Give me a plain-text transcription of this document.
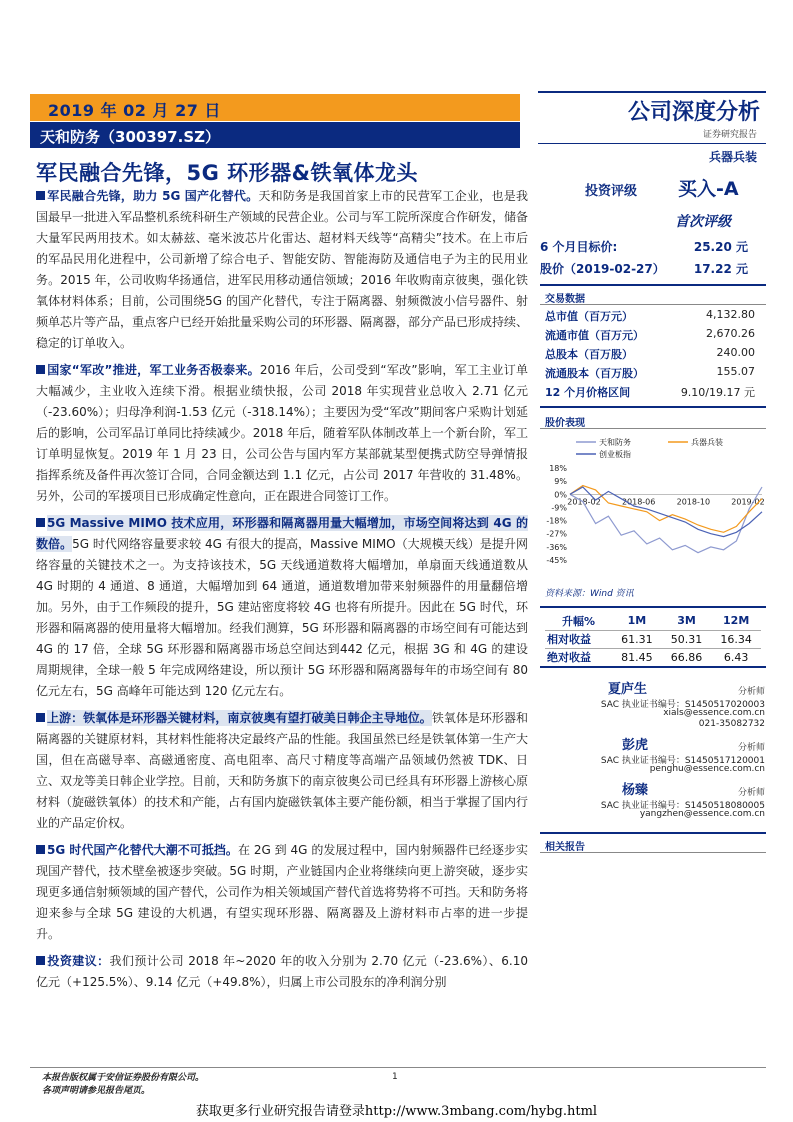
2019 年 02 月 27 日
天和防务（300397.SZ）
公司深度分析
证券研究报告
兵器兵装
军民融合先锋，5G 环形器&铁氧体龙头

军民融合先锋，助力 5G 国产化替代。天和防务是我国首家上市的民营军工企业，也是我国最早一批进入军品整机系统科研生产领域的民营企业。公司与军工院所深度合作研发，储备大量军民两用技术。如太赫兹、毫米波芯片化雷达、超材料天线等“高精尖”技术。在上市后的军品民用化进程中，公司新增了综合电子、智能安防、智能海防及通信电子为主的民用业务。2015 年，公司收购华扬通信，进军民用移动通信领域；2016 年收购南京彼奥，强化铁氧体材料体系；目前，公司围绕5G 的国产化替代，专注于隔离器、射频微波小信号器件、射频单芯片等产品，重点客户已经开始批量采购公司的环形器、隔离器，部分产品已形成持续、稳定的订单收入。

国家“军改”推进，军工业务否极泰来。2016 年后，公司受到“军改”影响，军工主业订单大幅减少，主业收入连续下滑。根据业绩快报，公司 2018 年实现营业总收入 2.71 亿元（-23.60%）；归母净利润-1.53 亿元（-318.14%）；主要因为受“军改”期间客户采购计划延后的影响，公司军品订单同比持续减少。2018 年后，随着军队体制改革上一个新台阶，军工订单明显恢复。2019 年 1 月 23 日，公司公告与国内军方某部就某型便携式防空导弹情报指挥系统及备件再次签订合同，合同金额达到 1.1 亿元，占公司 2017 年营收的 31.48%。另外，公司的军援项目已形成确定性意向，正在跟进合同签订工作。

5G Massive MIMO 技术应用，环形器和隔离器用量大幅增加，市场空间将达到 4G 的数倍。5G 时代网络容量要求较 4G 有很大的提高，Massive MIMO（大规模天线）是提升网络容量的关键技术之一。为支持该技术，5G 天线通道数将大幅增加，单扇面天线通道数从 4G 时期的 4 通道、8 通道，大幅增加到 64 通道，通道数增加带来射频器件的用量翻倍增加。另外，由于工作频段的提升，5G 建站密度将较 4G 也将有所提升。因此在 5G 时代，环形器和隔离器的使用量将大幅增加。经我们测算，5G 环形器和隔离器的市场空间有可能达到 4G 的 17 倍，全球 5G 环形器和隔离器市场总空间达到442 亿元，根据 3G 和 4G 的建设周期规律，全球一般 5 年完成网络建设，所以预计 5G 环形器和隔离器每年的市场空间有 80 亿元左右，5G 高峰年可能达到 120 亿元左右。

上游：铁氧体是环形器关键材料，南京彼奥有望打破美日韩企主导地位。铁氧体是环形器和隔离器的关键原材料，其材料性能将决定最终产品的性能。我国虽然已经是铁氧体第一生产大国，但在高磁导率、高磁通密度、高电阻率、高尺寸精度等高端产品领域仍然被 TDK、日立、双龙等美日韩企业学控。目前，天和防务旗下的南京彼奥公司已经具有环形器上游核心原材料（旋磁铁氧体）的技术和产能，占有国内旋磁铁氧体主要产能份额，相当于掌握了国内行业的产品定价权。

5G 时代国产化替代大潮不可抵挡。在 2G 到 4G 的发展过程中，国内射频器件已经逐步实现国产替代，技术壁垒被逐步突破。5G 时期，产业链国内企业将继续向更上游突破，逐步实现更多通信射频领域的国产替代，公司作为相关领域国产替代首选将势将不可挡。天和防务将迎来参与全球 5G 建设的大机遇，有望实现环形器、隔离器及上游材料市占率的进一步提升。

投资建议：我们预计公司 2018 年~2020 年的收入分别为 2.70 亿元（-23.6%）、6.10 亿元（+125.5%）、9.14 亿元（+49.8%），归属上市公司股东的净利润分别

投资评级 买入-A
首次评级
6 个月目标价:	25.20 元
股价（2019-02-27） 17.22 元
交易数据
总市值（百万元）	4,132.80
流通市值（百万元）	2,670.26
总股本（百万股）	240.00
流通股本（百万股）	155.07
12 个月价格区间	9.10/19.17 元
股价表现
天和防务	兵器兵装
创业板指
18%
9%
0%
-9%
-18%
-27%
-36%
-45%
2018-02	2018-06	2018-10	2019-02
资料来源：Wind 资讯
升幅%	1M	3M	12M
相对收益	61.31	50.31	16.34
绝对收益	81.45	66.86	6.43
夏庐生	分析师
SAC 执业证书编号：S1450517020003
xials@essence.com.cn
021-35082732
彭虎	分析师
SAC 执业证书编号：S1450517120001
penghu@essence.com.cn
杨臻	分析师
SAC 执业证书编号：S1450518080005
yangzhen@essence.com.cn
相关报告
本报告版权属于安信证券股份有限公司。
各项声明请参见报告尾页。
1
获取更多行业研究报告请登录http://www.3mbang.com/hybg.html
